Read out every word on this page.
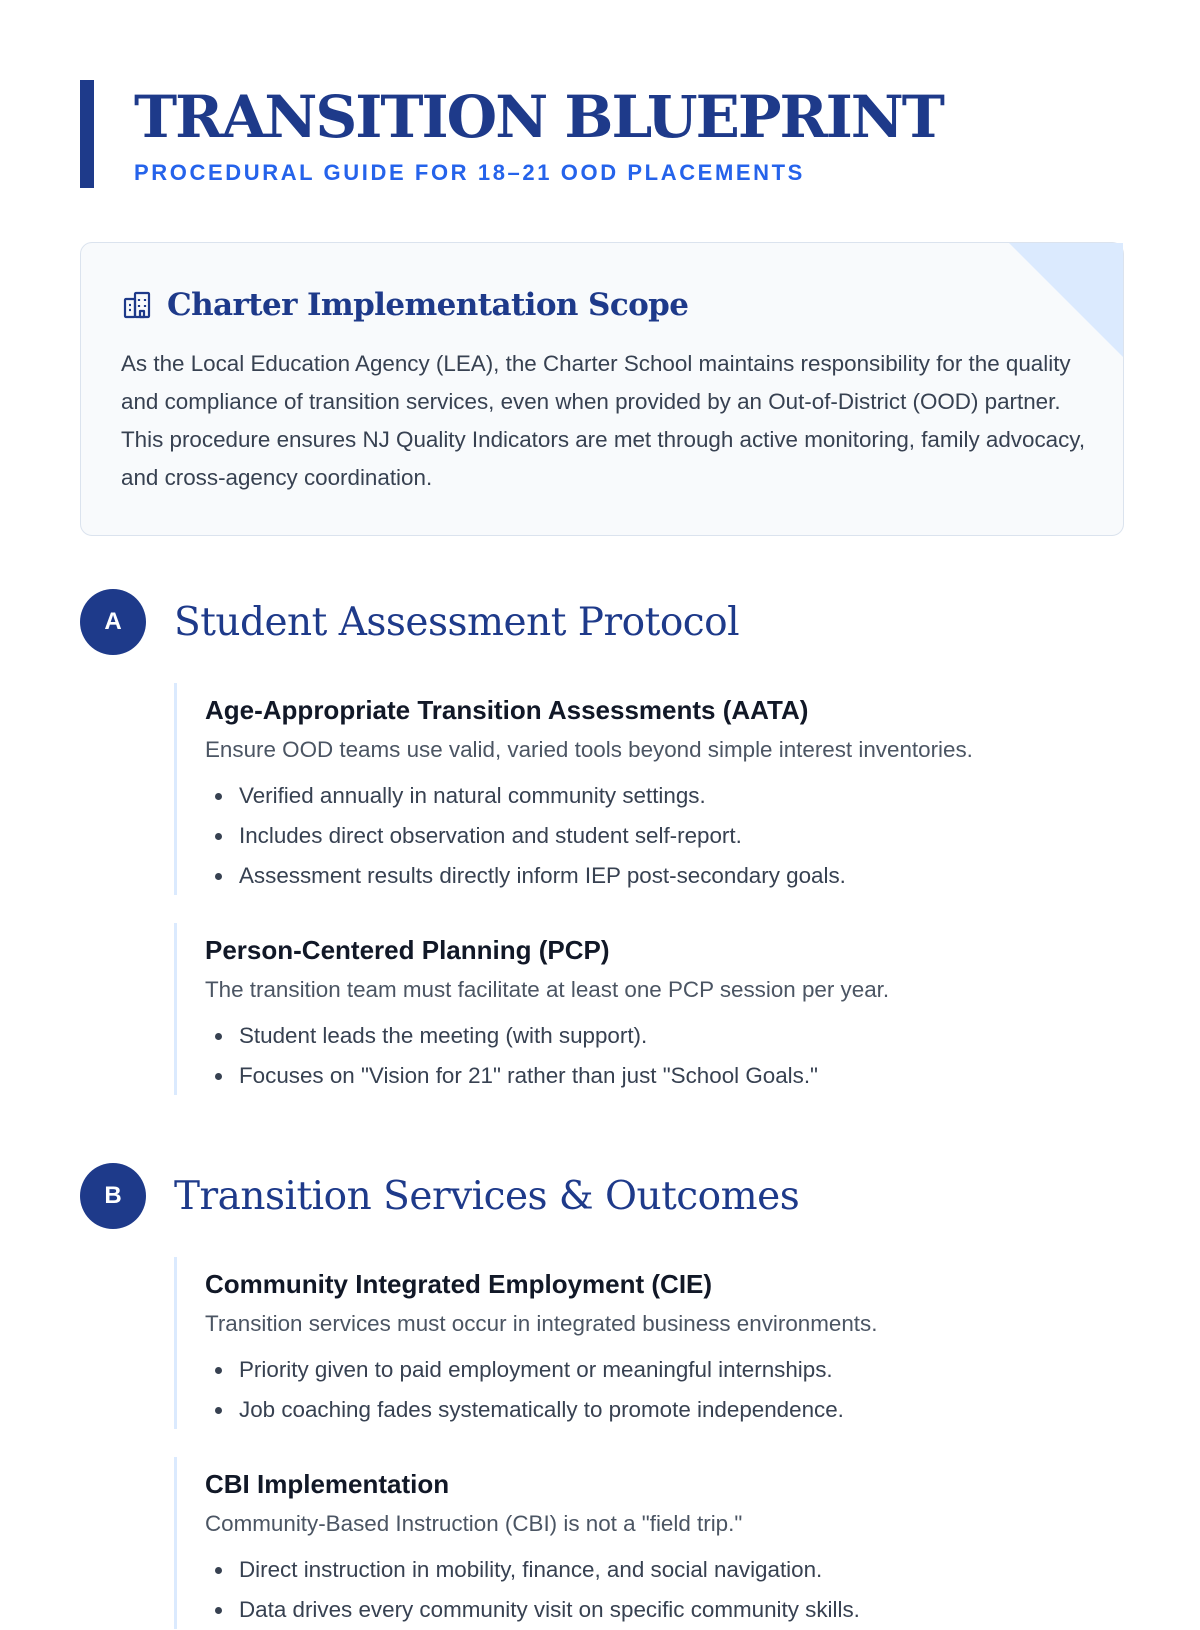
TRANSITION BLUEPRINT
PROCEDURAL GUIDE FOR 18–21 OOD PLACEMENTS
Charter Implementation Scope
As the Local Education Agency (LEA), the Charter School maintains responsibility for the quality and compliance of transition services, even when provided by an Out-of-District (OOD) partner. This procedure ensures NJ Quality Indicators are met through active monitoring, family advocacy, and cross-agency coordination.
A	Student Assessment Protocol
Age-Appropriate Transition Assessments (AATA)
Ensure OOD teams use valid, varied tools beyond simple interest inventories.
Verified annually in natural community settings.
Includes direct observation and student self-report.
Assessment results directly inform IEP post-secondary goals.
Person-Centered Planning (PCP)
The transition team must facilitate at least one PCP session per year.
Student leads the meeting (with support).
Focuses on "Vision for 21" rather than just "School Goals."
B	Transition Services & Outcomes
Community Integrated Employment (CIE)
Transition services must occur in integrated business environments.
Priority given to paid employment or meaningful internships.
Job coaching fades systematically to promote independence.
CBI Implementation
Community-Based Instruction (CBI) is not a "field trip."
Direct instruction in mobility, finance, and social navigation.
Data drives every community visit on specific community skills.
